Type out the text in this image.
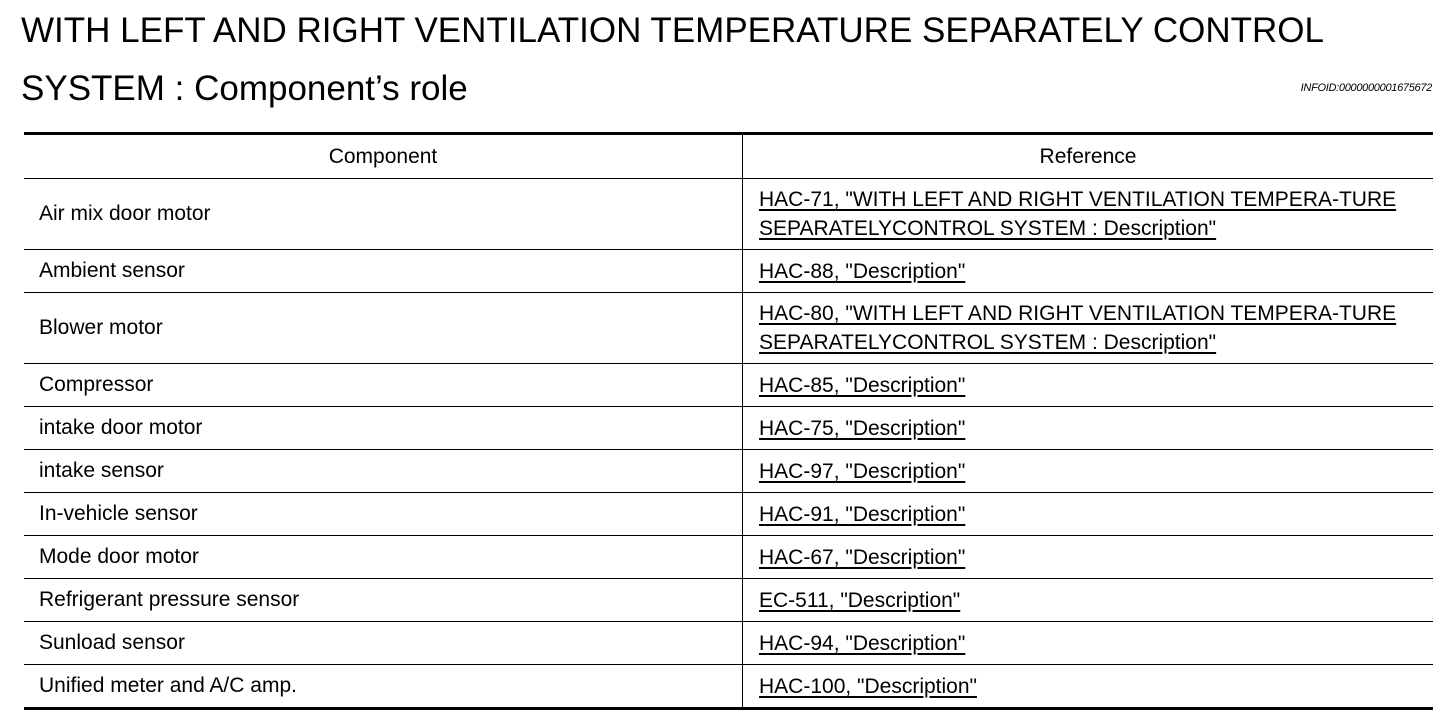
WITH LEFT AND RIGHT VENTILATION TEMPERATURE SEPARATELY CONTROL
SYSTEM : Component’s role	INFOID:0000000001675672
Component	Reference
Air mix door motor	HAC-71, "WITH LEFT AND RIGHT VENTILATION TEMPERA-TURE SEPARATELYCONTROL SYSTEM : Description"
Ambient sensor	HAC-88, "Description"
Blower motor	HAC-80, "WITH LEFT AND RIGHT VENTILATION TEMPERA-TURE SEPARATELYCONTROL SYSTEM : Description"
Compressor	HAC-85, "Description"
intake door motor	HAC-75, "Description"
intake sensor	HAC-97, "Description"
In-vehicle sensor	HAC-91, "Description"
Mode door motor	HAC-67, "Description"
Refrigerant pressure sensor	EC-511, "Description"
Sunload sensor	HAC-94, "Description"
Unified meter and A/C amp.	HAC-100, "Description"
